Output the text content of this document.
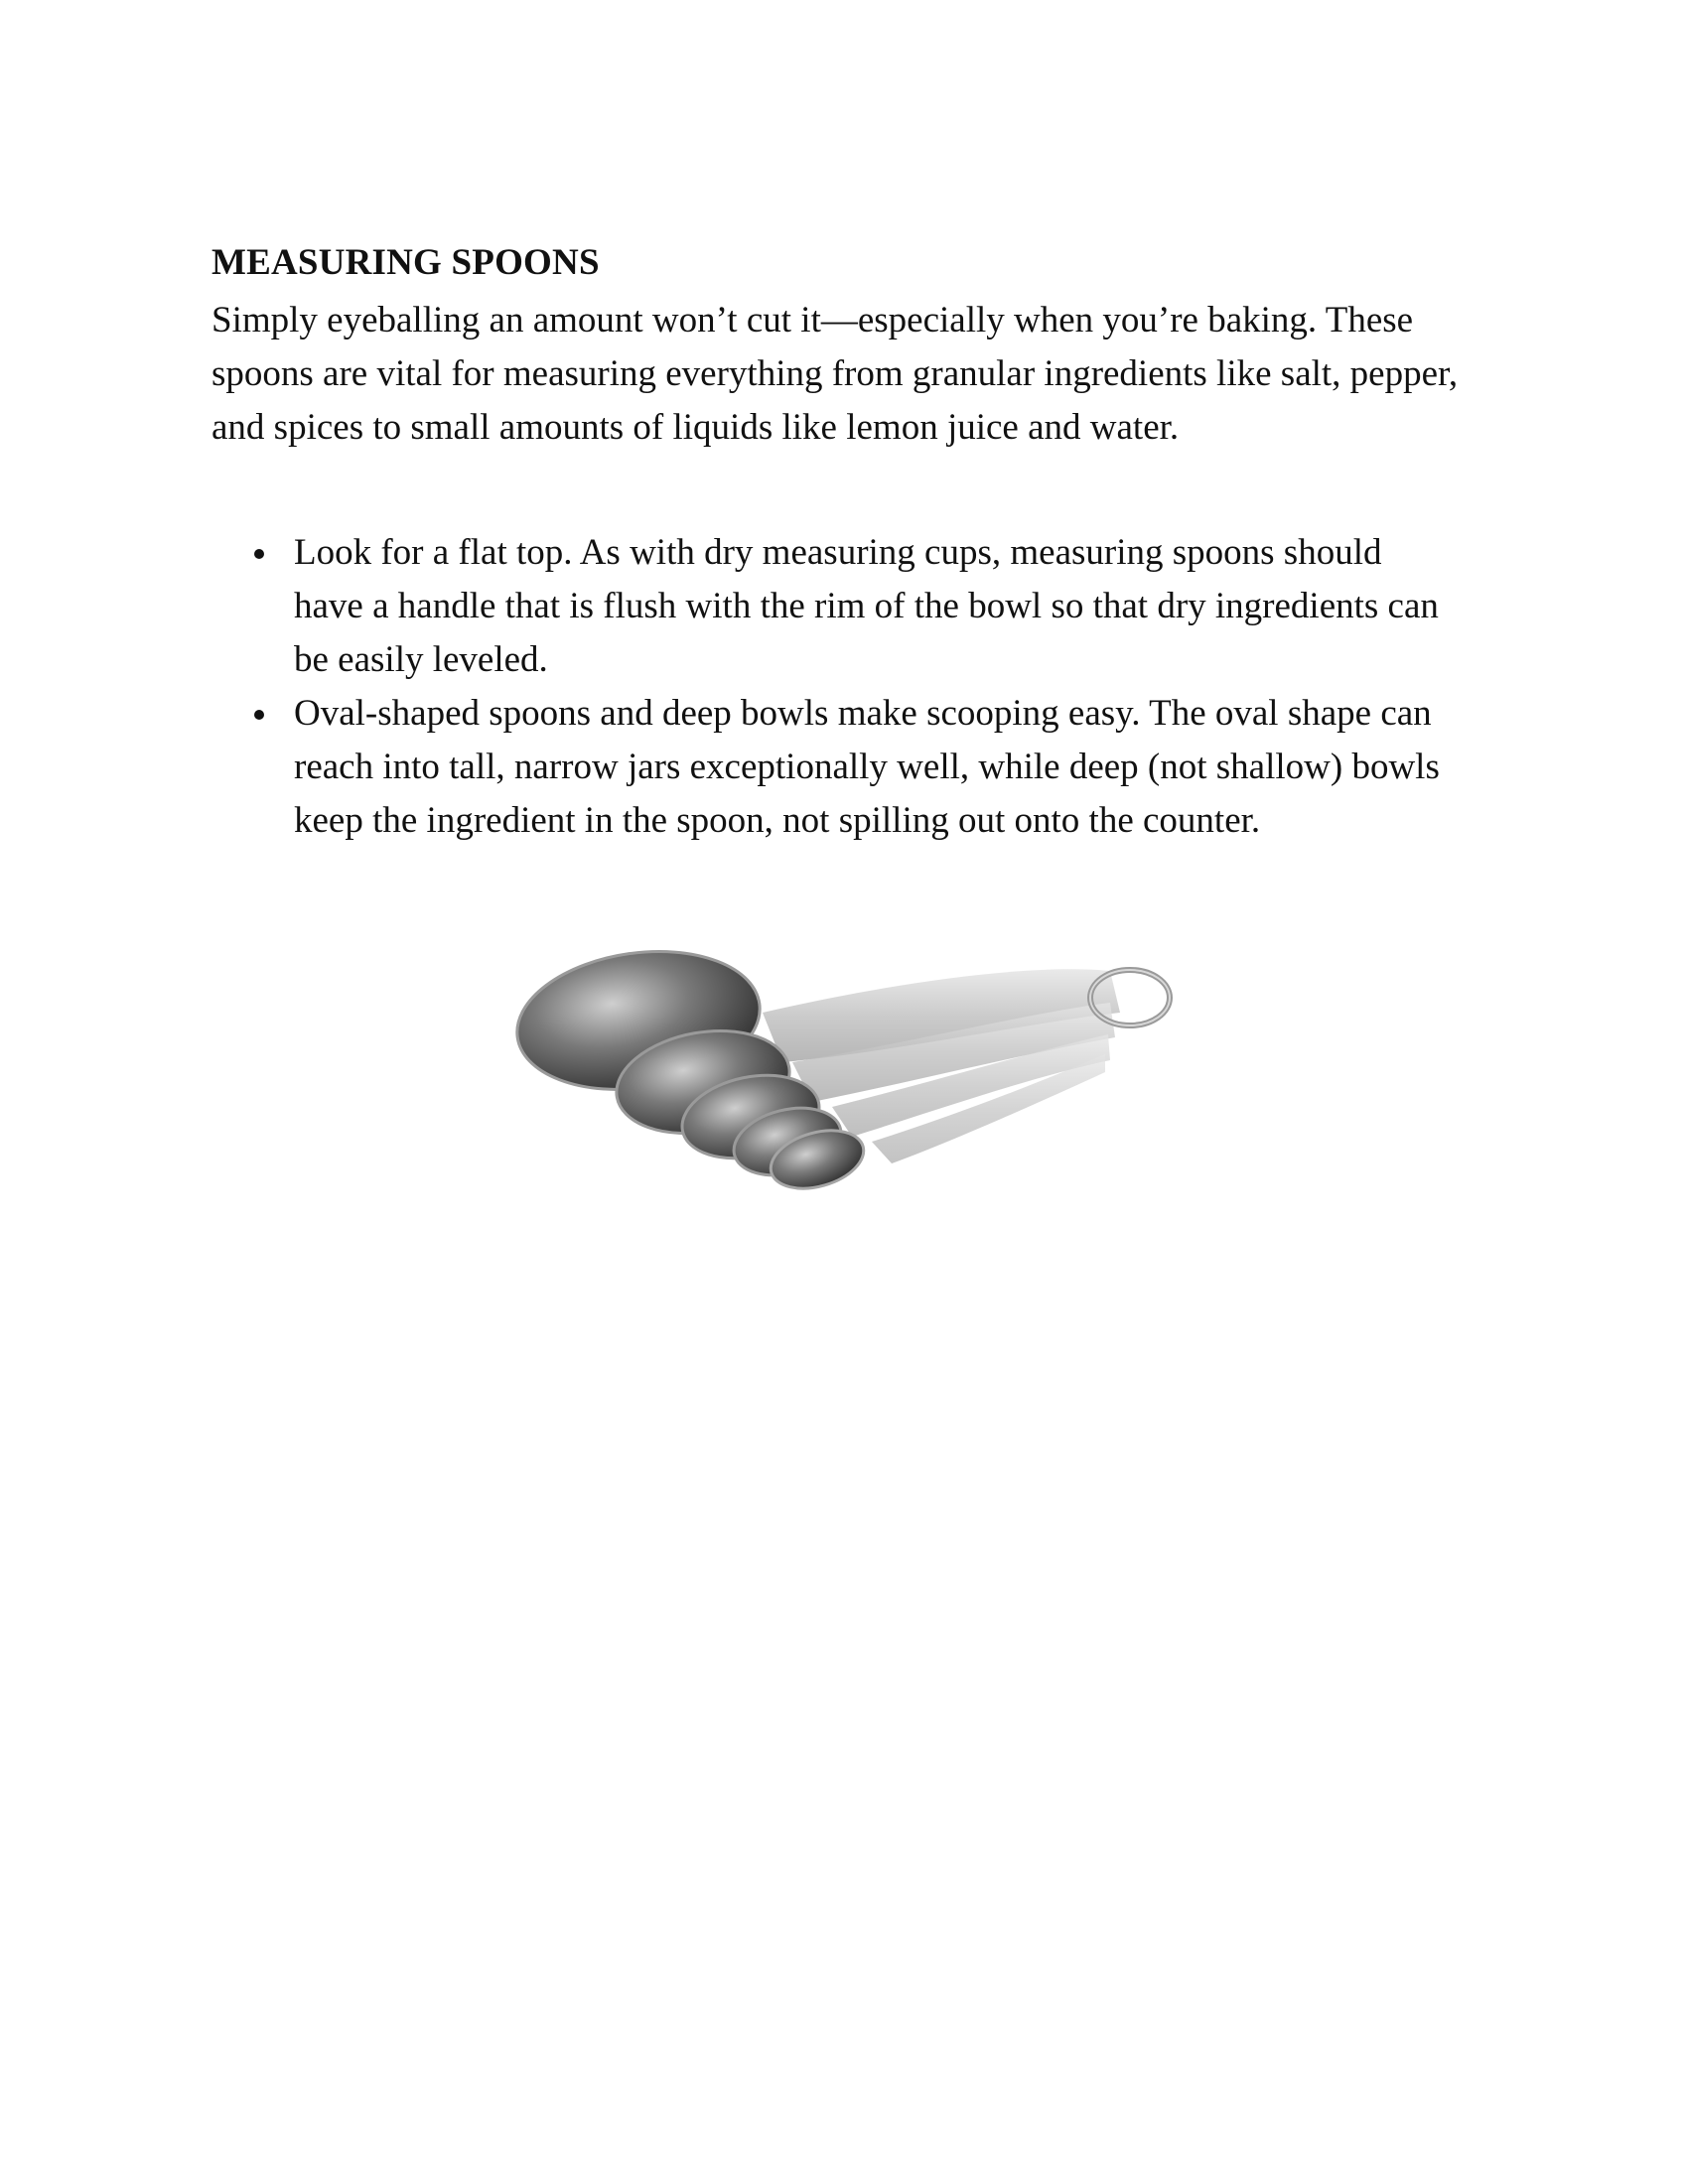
MEASURING SPOONS

Simply eyeballing an amount won’t cut it—especially when you’re baking. These spoons are vital for measuring everything from granular ingredients like salt, pepper, and spices to small amounts of liquids like lemon juice and water.

Look for a flat top. As with dry measuring cups, measuring spoons should have a handle that is flush with the rim of the bowl so that dry ingredients can be easily leveled.
Oval-shaped spoons and deep bowls make scooping easy. The oval shape can reach into tall, narrow jars exceptionally well, while deep (not shallow) bowls keep the ingredient in the spoon, not spilling out onto the counter.
